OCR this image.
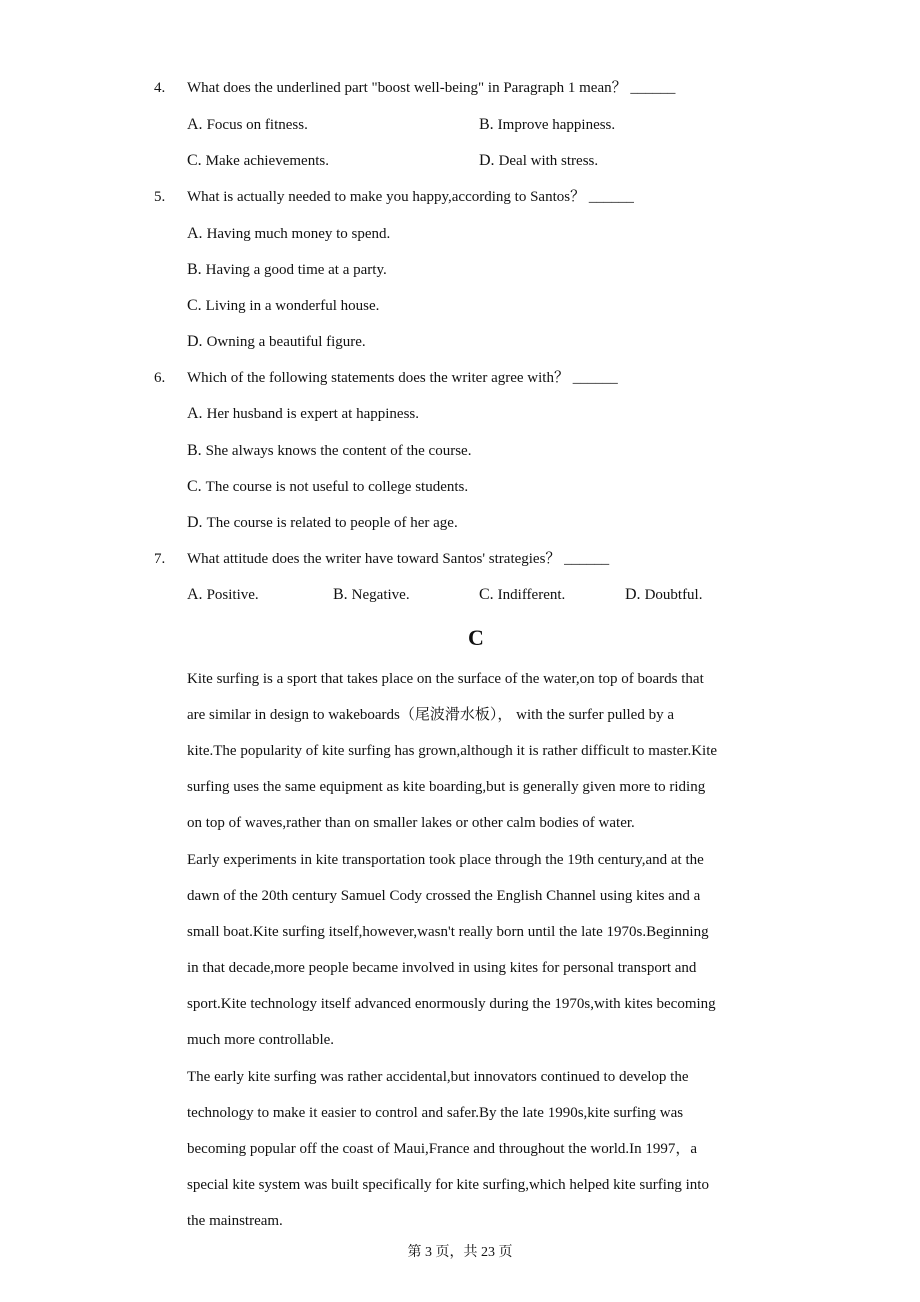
4. What does the underlined part "boost well-being" in Paragraph 1 mean？ ______
A. Focus on fitness.	B. Improve happiness.
C. Make achievements.	D. Deal with stress.
5. What is actually needed to make you happy,according to Santos？ ______
A. Having much money to spend.
B. Having a good time at a party.
C. Living in a wonderful house.
D. Owning a beautiful figure.
6. Which of the following statements does the writer agree with？ ______
A. Her husband is expert at happiness.
B. She always knows the content of the course.
C. The course is not useful to college students.
D. The course is related to people of her age.
7. What attitude does the writer have toward Santos' strategies？ ______
A. Positive.	B. Negative.	C. Indifferent.	D. Doubtful.
C
Kite surfing is a sport that takes place on the surface of the water,on top of boards that
are similar in design to wakeboards（尾波滑水板）， with the surfer pulled by a
kite.The popularity of kite surfing has grown,although it is rather difficult to master.Kite
surfing uses the same equipment as kite boarding,but is generally given more to riding
on top of waves,rather than on smaller lakes or other calm bodies of water.
Early experiments in kite transportation took place through the 19th century,and at the
dawn of the 20th century Samuel Cody crossed the English Channel using kites and a
small boat.Kite surfing itself,however,wasn't really born until the late 1970s.Beginning
in that decade,more people became involved in using kites for personal transport and
sport.Kite technology itself advanced enormously during the 1970s,with kites becoming
much more controllable.
The early kite surfing was rather accidental,but innovators continued to develop the
technology to make it easier to control and safer.By the late 1990s,kite surfing was
becoming popular off the coast of Maui,France and throughout the world.In 1997，a
special kite system was built specifically for kite surfing,which helped kite surfing into
the mainstream.
第 3 页，共 23 页
